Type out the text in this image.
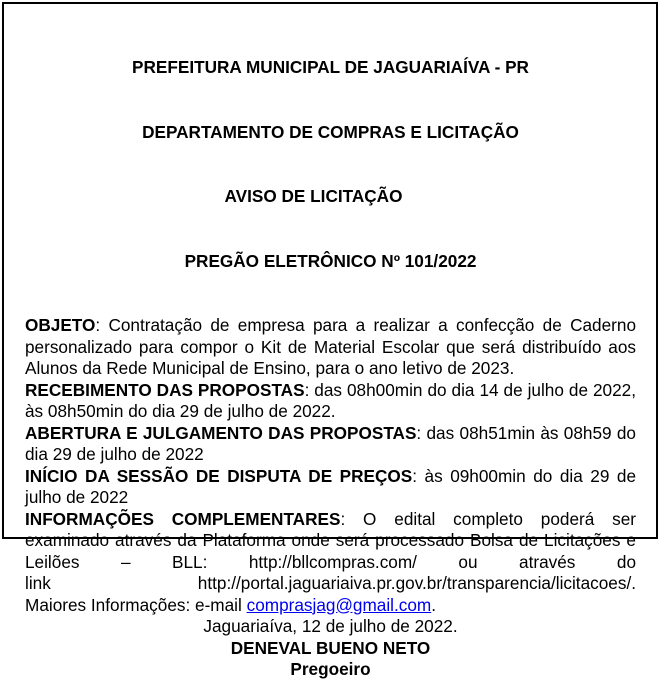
PREFEITURA MUNICIPAL DE JAGUARIAÍVA - PR

DEPARTAMENTO DE COMPRAS E LICITAÇÃO

AVISO DE LICITAÇÃO

PREGÃO ELETRÔNICO Nº 101/2022

OBJETO: Contratação de empresa para a realizar a confecção de Caderno personalizado para compor o Kit de Material Escolar que será distribuído aos Alunos da Rede Municipal de Ensino, para o ano letivo de 2023.

RECEBIMENTO DAS PROPOSTAS: das 08h00min do dia 14 de julho de 2022, às 08h50min do dia 29 de julho de 2022.

ABERTURA E JULGAMENTO DAS PROPOSTAS: das 08h51min às 08h59 do dia 29 de julho de 2022

INÍCIO DA SESSÃO DE DISPUTA DE PREÇOS: às 09h00min do dia 29 de julho de 2022

INFORMAÇÕES COMPLEMENTARES: O edital completo poderá ser examinado através da Plataforma onde será processado Bolsa de Licitações e Leilões – BLL: http://bllcompras.com/ ou através do

link	http://portal.jaguariaiva.pr.gov.br/transparencia/licitacoes/.

Maiores Informações: e-mail comprasjag@gmail.com.

Jaguariaíva, 12 de julho de 2022.

DENEVAL BUENO NETO

Pregoeiro
